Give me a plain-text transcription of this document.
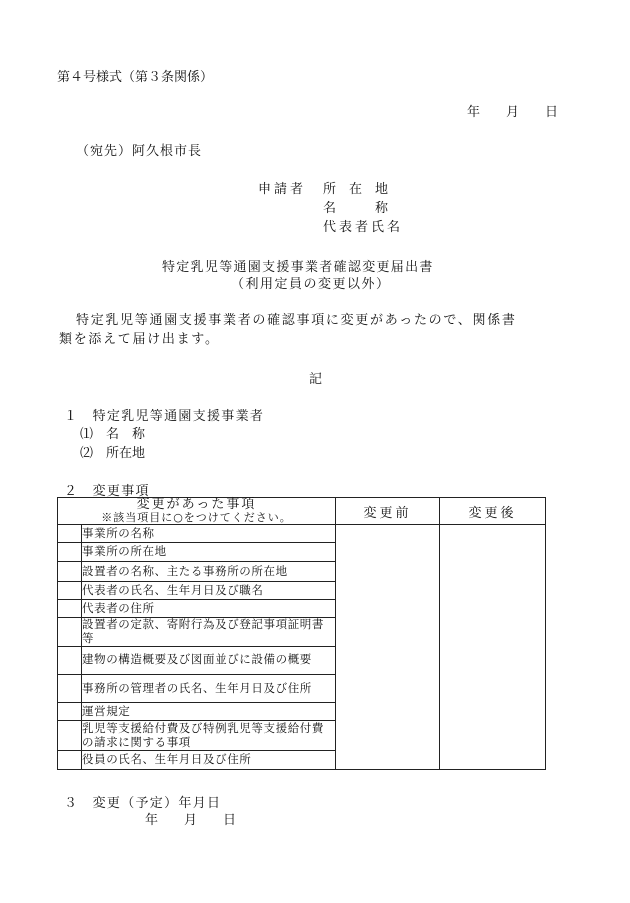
第４号様式（第３条関係）
年　　月　　日
（宛先）阿久根市長
申請者 所　在　地
名　　　称
代表者氏名
特定乳児等通園支援事業者確認変更届出書
（利用定員の変更以外）
特定乳児等通園支援事業者の確認事項に変更があったので、関係書
類を添えて届け出ます。
記
１　特定乳児等通園支援事業者
⑴　名　称
⑵　所在地
２　変更事項
変更があった事項
※該当項目に○をつけてください。		変更前	変更後
	事業所の名称		
	事業所の所在地		
	設置者の名称、主たる事務所の所在地		
	代表者の氏名、生年月日及び職名		
	代表者の住所		
	設置者の定款、寄附行為及び登記事項証明書等		
	建物の構造概要及び図面並びに設備の概要		
	事務所の管理者の氏名、生年月日及び住所		
	運営規定		
	乳児等支援給付費及び特例乳児等支援給付費の請求に関する事項		
	役員の氏名、生年月日及び住所		
３　変更（予定）年月日
年　　月　　日
